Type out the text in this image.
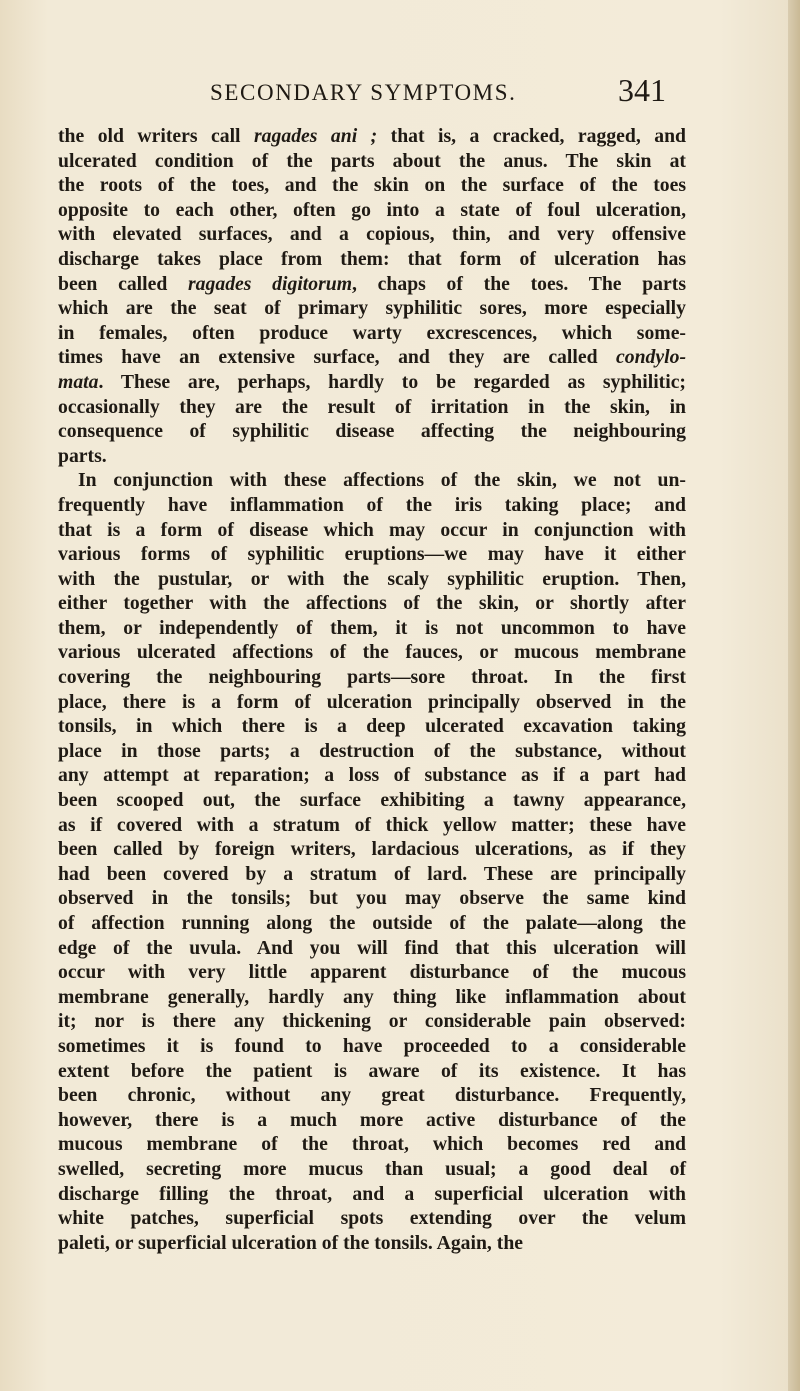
SECONDARY SYMPTOMS.	341
the old writers call ragades ani ; that is, a cracked, ragged, and
ulcerated condition of the parts about the anus. The skin at
the roots of the toes, and the skin on the surface of the toes
opposite to each other, often go into a state of foul ulceration,
with elevated surfaces, and a copious, thin, and very offensive
discharge takes place from them: that form of ulceration has
been called ragades digitorum, chaps of the toes. The parts
which are the seat of primary syphilitic sores, more especially
in females, often produce warty excrescences, which some-
times have an extensive surface, and they are called condylo-
mata. These are, perhaps, hardly to be regarded as syphilitic;
occasionally they are the result of irritation in the skin, in
consequence of syphilitic disease affecting the neighbouring
parts.
In conjunction with these affections of the skin, we not un-
frequently have inflammation of the iris taking place; and
that is a form of disease which may occur in conjunction with
various forms of syphilitic eruptions—we may have it either
with the pustular, or with the scaly syphilitic eruption. Then,
either together with the affections of the skin, or shortly after
them, or independently of them, it is not uncommon to have
various ulcerated affections of the fauces, or mucous membrane
covering the neighbouring parts—sore throat. In the first
place, there is a form of ulceration principally observed in the
tonsils, in which there is a deep ulcerated excavation taking
place in those parts; a destruction of the substance, without
any attempt at reparation; a loss of substance as if a part had
been scooped out, the surface exhibiting a tawny appearance,
as if covered with a stratum of thick yellow matter; these have
been called by foreign writers, lardacious ulcerations, as if they
had been covered by a stratum of lard. These are principally
observed in the tonsils; but you may observe the same kind
of affection running along the outside of the palate—along the
edge of the uvula. And you will find that this ulceration will
occur with very little apparent disturbance of the mucous
membrane generally, hardly any thing like inflammation about
it; nor is there any thickening or considerable pain observed:
sometimes it is found to have proceeded to a considerable
extent before the patient is aware of its existence. It has
been chronic, without any great disturbance. Frequently,
however, there is a much more active disturbance of the
mucous membrane of the throat, which becomes red and
swelled, secreting more mucus than usual; a good deal of
discharge filling the throat, and a superficial ulceration with
white patches, superficial spots extending over the velum
paleti, or superficial ulceration of the tonsils. Again, the
